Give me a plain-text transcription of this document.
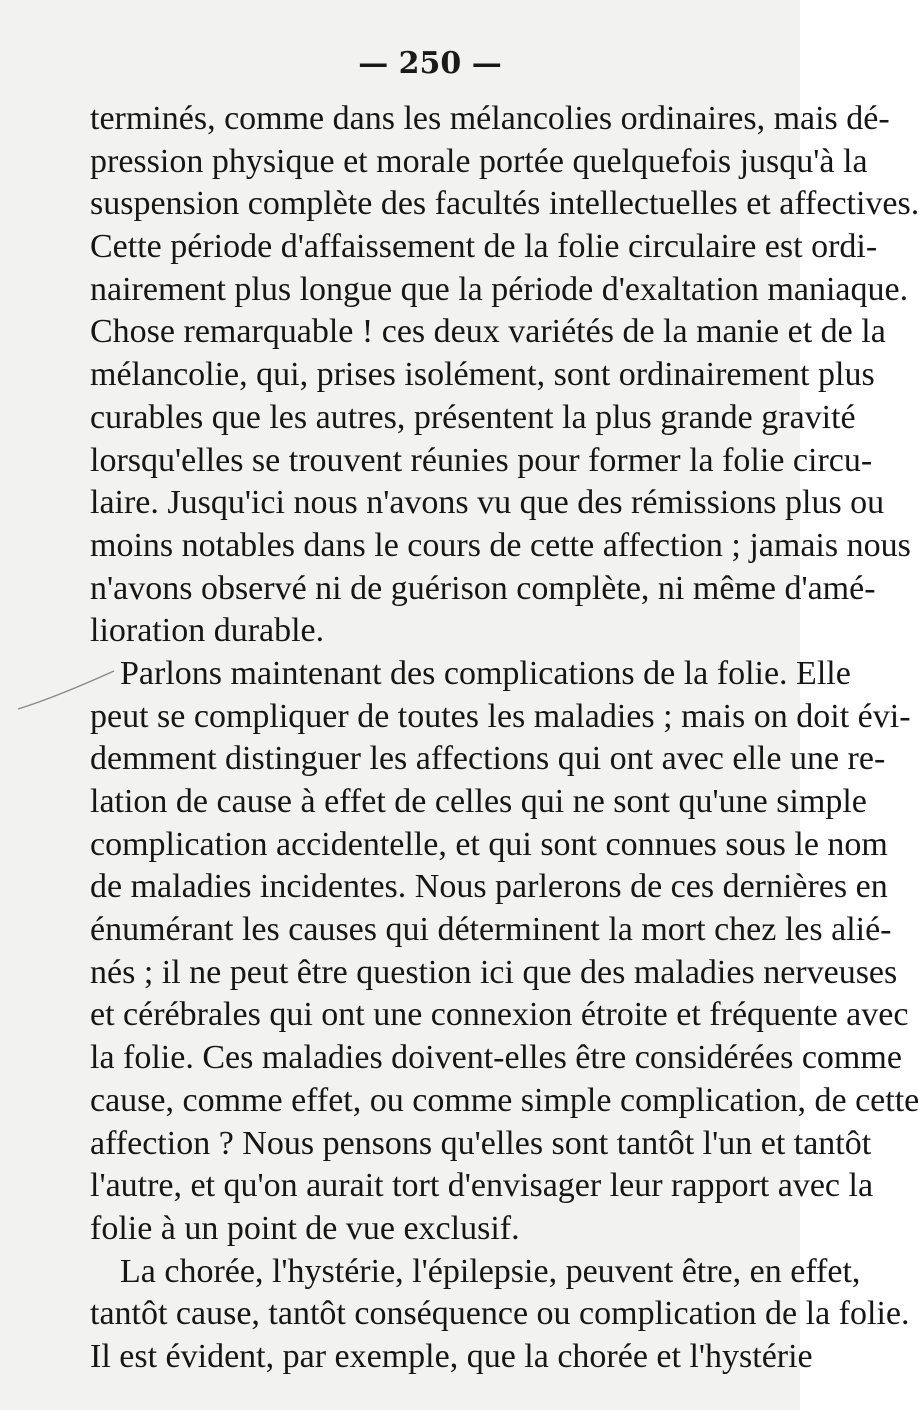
— 250 —
terminés, comme dans les mélancolies ordinaires, mais dé-
pression physique et morale portée quelquefois jusqu'à la
suspension complète des facultés intellectuelles et affectives.
Cette période d'affaissement de la folie circulaire est ordi-
nairement plus longue que la période d'exaltation maniaque.
Chose remarquable ! ces deux variétés de la manie et de la
mélancolie, qui, prises isolément, sont ordinairement plus
curables que les autres, présentent la plus grande gravité
lorsqu'elles se trouvent réunies pour former la folie circu-
laire. Jusqu'ici nous n'avons vu que des rémissions plus ou
moins notables dans le cours de cette affection ; jamais nous
n'avons observé ni de guérison complète, ni même d'amé-
lioration durable.
Parlons maintenant des complications de la folie. Elle
peut se compliquer de toutes les maladies ; mais on doit évi-
demment distinguer les affections qui ont avec elle une re-
lation de cause à effet de celles qui ne sont qu'une simple
complication accidentelle, et qui sont connues sous le nom
de maladies incidentes. Nous parlerons de ces dernières en
énumérant les causes qui déterminent la mort chez les alié-
nés ; il ne peut être question ici que des maladies nerveuses
et cérébrales qui ont une connexion étroite et fréquente avec
la folie. Ces maladies doivent-elles être considérées comme
cause, comme effet, ou comme simple complication, de cette
affection ? Nous pensons qu'elles sont tantôt l'un et tantôt
l'autre, et qu'on aurait tort d'envisager leur rapport avec la
folie à un point de vue exclusif.
La chorée, l'hystérie, l'épilepsie, peuvent être, en effet,
tantôt cause, tantôt conséquence ou complication de la folie.
Il est évident, par exemple, que la chorée et l'hystérie
